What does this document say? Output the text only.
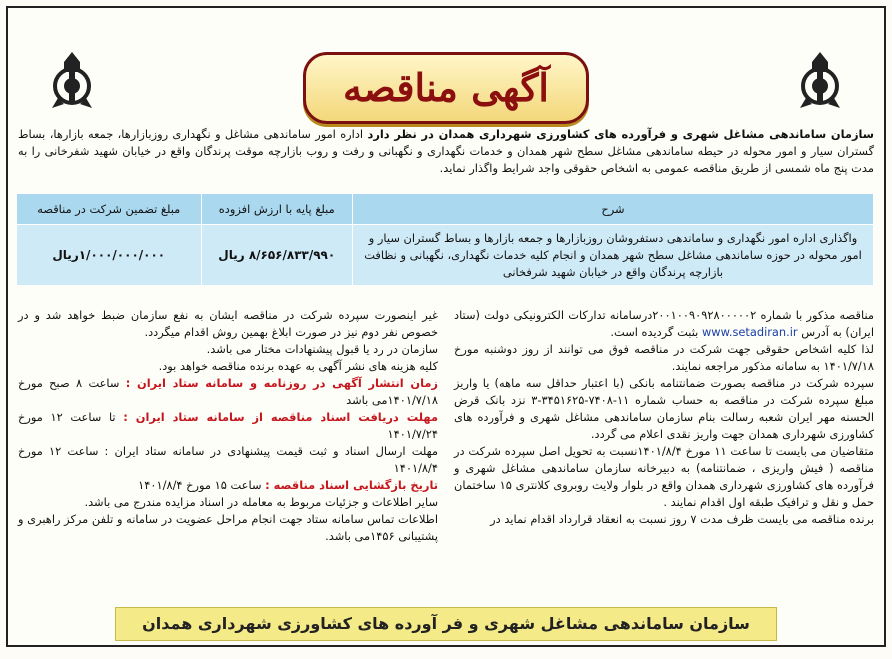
آگهی مناقصه
سازمان ساماندهی مشاغل شهری و فرآورده های کشاورزی شهرداری همدان در نظر دارد اداره امور ساماندهی مشاغل و نگهداری روزبازارها، جمعه بازارها، بساط گستران سیار و امور محوله در حیطه ساماندهی مشاغل سطح شهر همدان و خدمات نگهداری و نگهبانی و رفت و روب بازارچه موقت پرندگان واقع در خیابان شهید شفرخانی را به مدت پنج ماه شمسی از طریق مناقصه عمومی به اشخاص حقوقی واجد شرایط واگذار نماید.
شرح	مبلغ پایه با ارزش افزوده	مبلغ تضمین شرکت در مناقصه
واگذاری اداره امور نگهداری و ساماندهی دستفروشان روزبازارها و جمعه بازارها و بساط گستران سیار و امور محوله در حوزه ساماندهی مشاغل سطح شهر همدان و انجام کلیه خدمات نگهداری، نگهبانی و نظافت بازارچه پرندگان واقع در خیابان شهید شرفخانی	۸/۶۵۶/۸۳۳/۹۹۰ ریال	۱/۰۰۰/۰۰۰/۰۰۰ریال

مناقصه مذکور با شماره ۲۰۰۱۰۰۹۰۹۲۸۰۰۰۰۰۲درسامانه تدارکات الکترونیکی دولت (ستاد ایران) به آدرس www.setadiran.ir بثبت گردیده است.

لذا کلیه اشخاص حقوقی جهت شرکت در مناقصه فوق می توانند از روز دوشنبه مورخ ۱۴۰۱/۷/۱۸ به سامانه مذکور مراجعه نمایند.

سپرده شرکت در مناقصه بصورت ضمانتنامه بانکی (با اعتبار حداقل سه ماهه) یا واریز مبلغ سپرده شرکت در مناقصه به حساب شماره ۱۱-۷۴۰۸-۳۴۵۱۶۲۵-۳ نزد بانک قرض الحسنه مهر ایران شعبه رسالت بنام سازمان ساماندهی مشاغل شهری و فرآورده های کشاورزی شهرداری همدان جهت واریز نقدی اعلام می گردد.

متقاضیان می بایست تا ساعت ۱۱ مورخ ۱۴۰۱/۸/۴نسبت به تحویل اصل سپرده شرکت در مناقصه ( فیش واریزی ، ضمانتنامه) به دبیرخانه سازمان ساماندهی مشاغل شهری و فرآورده های کشاورزی شهرداری همدان واقع در بلوار ولایت روبروی کلانتری ۱۵ ساختمان حمل و نقل و ترافیک طبقه اول اقدام نمایند .

برنده مناقصه می بایست ظرف مدت ۷ روز نسبت به انعقاد قرارداد اقدام نماید در

غیر اینصورت سپرده شرکت در مناقصه ایشان به نفع سازمان ضبط خواهد شد و در خصوص نفر دوم نیز در صورت ابلاغ بهمین روش اقدام میگردد.

سازمان در رد یا قبول پیشنهادات مختار می باشد.

کلیه هزینه های نشر آگهی به عهده برنده مناقصه خواهد بود.

زمان انتشار آگهی در روزنامه و سامانه ستاد ایران : ساعت ۸ صبح مورخ ۱۴۰۱/۷/۱۸می باشد

مهلت دریافت اسناد مناقصه از سامانه ستاد ایران : تا ساعت ۱۲ مورخ ۱۴۰۱/۷/۲۴

مهلت ارسال اسناد و ثبت قیمت پیشنهادی در سامانه ستاد ایران : ساعت ۱۲ مورخ ۱۴۰۱/۸/۴

تاریخ بازگشایی اسناد مناقصه : ساعت ۱۵ مورخ ۱۴۰۱/۸/۴

سایر اطلاعات و جزئیات مربوط به معامله در اسناد مزایده مندرج می باشد.

اطلاعات تماس سامانه ستاد جهت انجام مراحل عضویت در سامانه و تلفن مرکز راهبری و پشتیبانی ۱۴۵۶می باشد.

سازمان ساماندهی مشاغل شهری و فر آورده های کشاورزی شهرداری همدان
